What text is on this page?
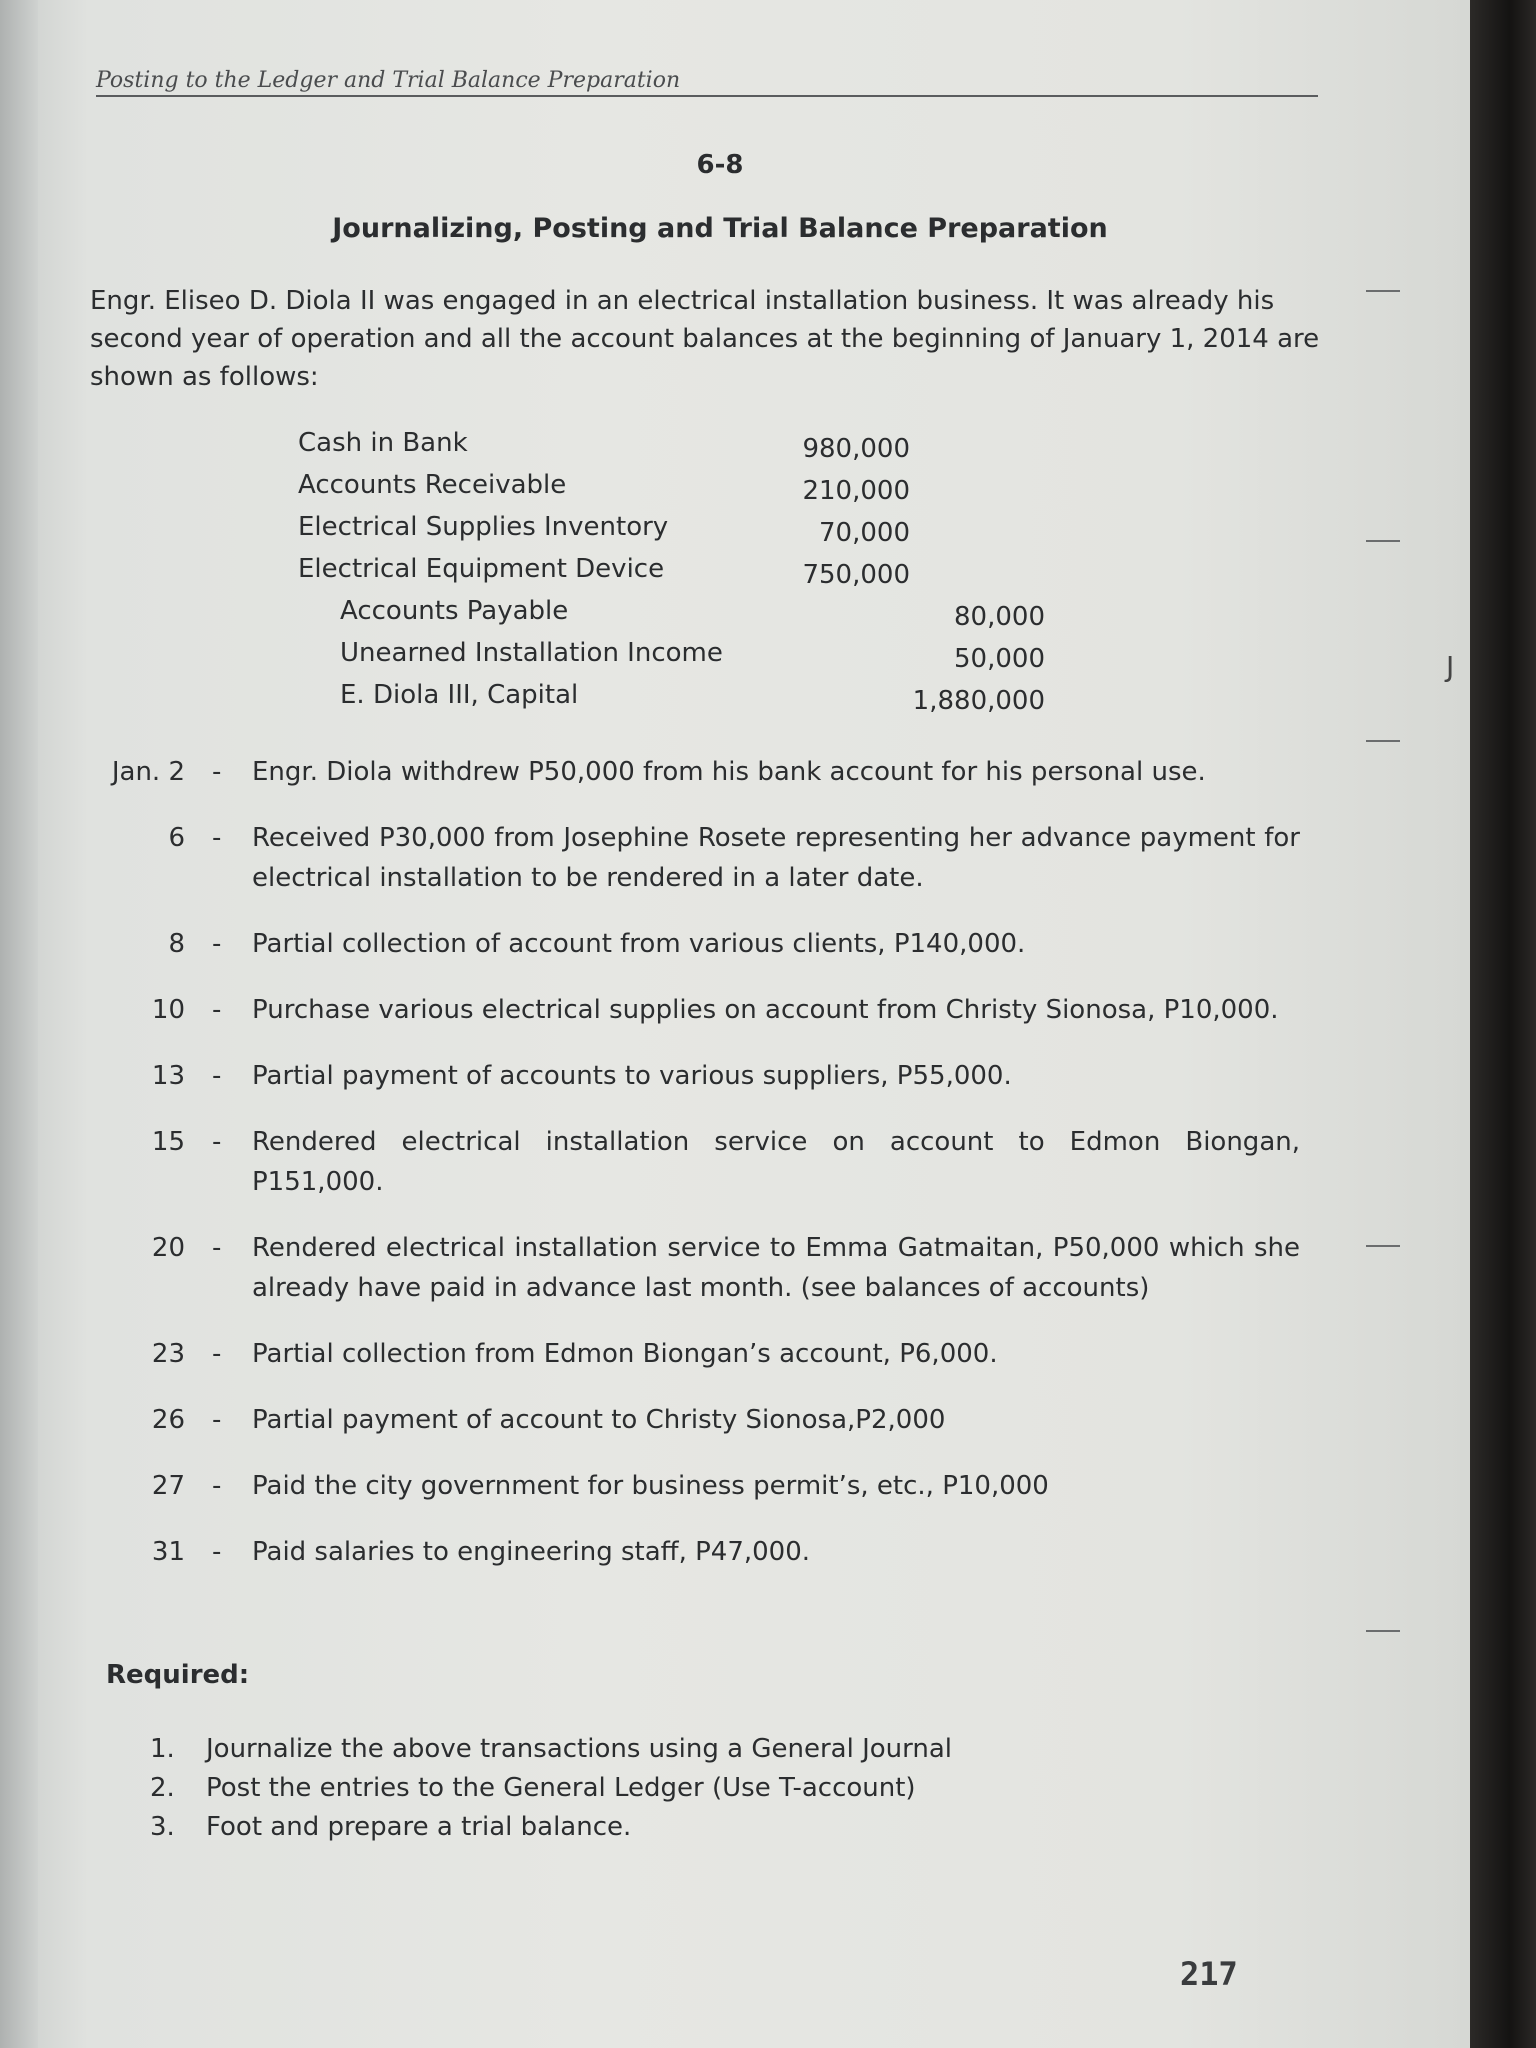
Posting to the Ledger and Trial Balance Preparation
6-8
Journalizing, Posting and Trial Balance Preparation
Engr. Eliseo D. Diola II was engaged in an electrical installation business. It was already his second year of operation and all the account balances at the beginning of January 1, 2014 are shown as follows:
Cash in Bank	980,000
Accounts Receivable	210,000
Electrical Supplies Inventory	70,000
Electrical Equipment Device	750,000
Accounts Payable	80,000
Unearned Installation Income	50,000
E. Diola III, Capital	1,880,000
Jan. 2 - Engr. Diola withdrew P50,000 from his bank account for his personal use.
6 - Received P30,000 from Josephine Rosete representing her advance payment for electrical installation to be rendered in a later date.
8 - Partial collection of account from various clients, P140,000.
10 - Purchase various electrical supplies on account from Christy Sionosa, P10,000.
13 - Partial payment of accounts to various suppliers, P55,000.
15 - Rendered electrical installation service on account to Edmon Biongan, P151,000.
20 - Rendered electrical installation service to Emma Gatmaitan, P50,000 which she already have paid in advance last month. (see balances of accounts)
23 - Partial collection from Edmon Biongan’s account, P6,000.
26 - Partial payment of account to Christy Sionosa,P2,000
27 - Paid the city government for business permit’s, etc., P10,000
31 - Paid salaries to engineering staff, P47,000.
Required:
1. Journalize the above transactions using a General Journal
2. Post the entries to the General Ledger (Use T-account)
3. Foot and prepare a trial balance.
217
J
